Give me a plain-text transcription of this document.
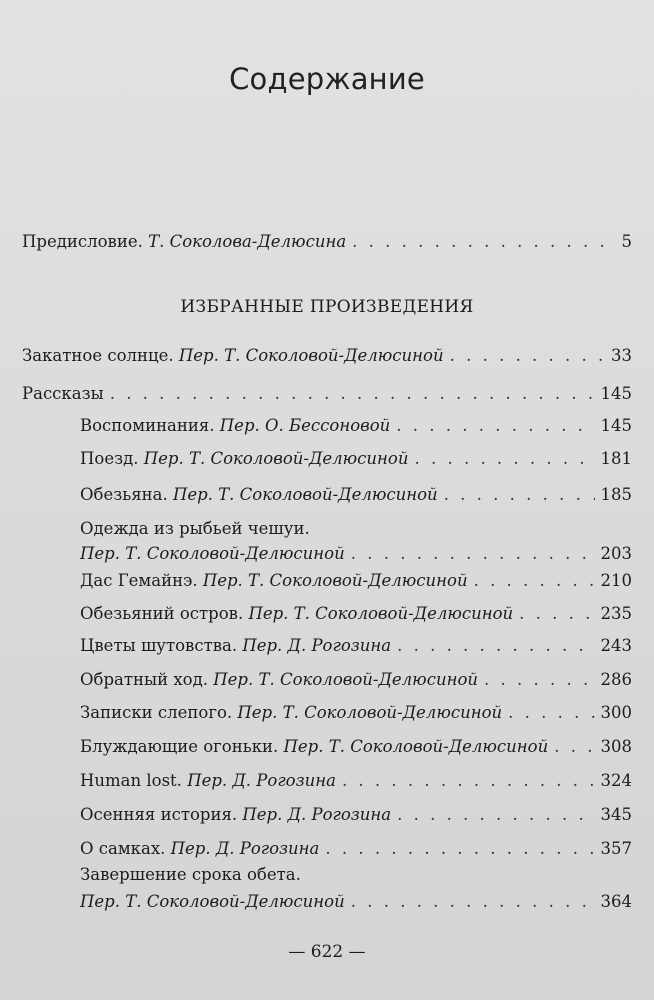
Содержание
Предисловие. Т. Соколова-Делюсина . . .	5
ИЗБРАННЫЕ ПРОИЗВЕДЕНИЯ
Закатное солнце. Пер. Т. Соколовой-Делюсиной . . .	33
Рассказы . . .	145
Воспоминания. Пер. О. Бессоновой . . .	145
Поезд. Пер. Т. Соколовой-Делюсиной . . .	181
Обезьяна. Пер. Т. Соколовой-Делюсиной . . .	185
Одежда из рыбьей чешуи.
Пер. Т. Соколовой-Делюсиной . . .	203
Дас Гемайнэ. Пер. Т. Соколовой-Делюсиной . . .	210
Обезьяний остров. Пер. Т. Соколовой-Делюсиной . . .	235
Цветы шутовства. Пер. Д. Рогозина . . .	243
Обратный ход. Пер. Т. Соколовой-Делюсиной . . .	286
Записки слепого. Пер. Т. Соколовой-Делюсиной . . .	300
Блуждающие огоньки. Пер. Т. Соколовой-Делюсиной . . .	308
Human lost. Пер. Д. Рогозина . . .	324
Осенняя история. Пер. Д. Рогозина . . .	345
О самках. Пер. Д. Рогозина . . .	357
Завершение срока обета.
Пер. Т. Соколовой-Делюсиной . . .	364
— 622 —
